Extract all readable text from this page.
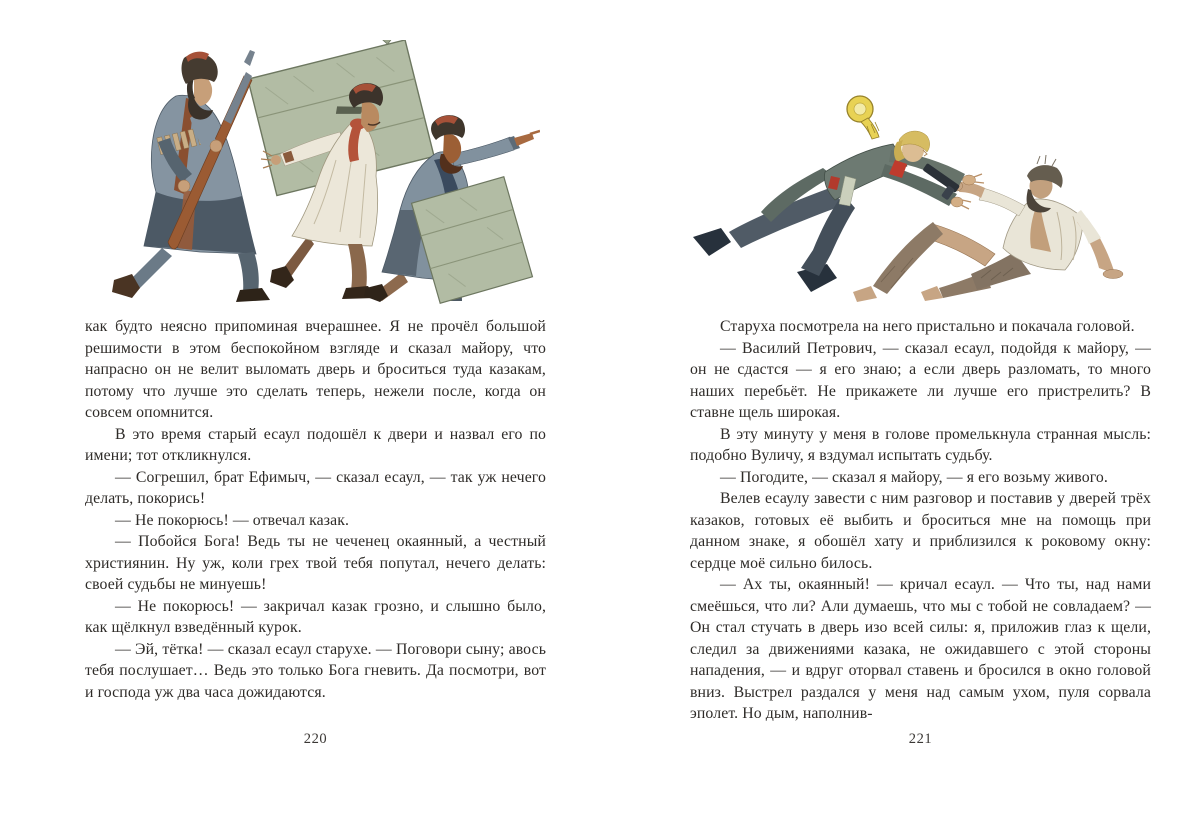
как будто неясно припоминая вчерашнее. Я не прочёл большой решимости в этом беспокойном взгляде и сказал майору, что напрасно он не велит выломать дверь и броситься туда казакам, потому что лучше это сделать теперь, нежели после, когда он совсем опомнится.

В это время старый есаул подошёл к двери и назвал его по имени; тот откликнулся.

— Согрешил, брат Ефимыч, — сказал есаул, — так уж нечего делать, покорись!

— Не покорюсь! — отвечал казак.

— Побойся Бога! Ведь ты не чеченец окаянный, а честный християнин. Ну уж, коли грех твой тебя попутал, нечего делать: своей судьбы не минуешь!

— Не покорюсь! — закричал казак грозно, и слышно было, как щёлкнул взведённый курок.

— Эй, тётка! — сказал есаул старухе. — Поговори сыну; авось тебя послушает… Ведь это только Бога гневить. Да посмотри, вот и господа уж два часа дожидаются.

Старуха посмотрела на него пристально и покачала головой.

— Василий Петрович, — сказал есаул, подойдя к майору, — он не сдастся — я его знаю; а если дверь разломать, то много наших перебьёт. Не прикажете ли лучше его пристрелить? В ставне щель широкая.

В эту минуту у меня в голове промелькнула странная мысль: подобно Вуличу, я вздумал испытать судьбу.

— Погодите, — сказал я майору, — я его возьму живого.

Велев есаулу завести с ним разговор и поставив у дверей трёх казаков, готовых её выбить и броситься мне на помощь при данном знаке, я обошёл хату и приблизился к роковому окну: сердце моё сильно билось.

— Ах ты, окаянный! — кричал есаул. — Что ты, над нами смеёшься, что ли? Али думаешь, что мы с тобой не совладаем? — Он стал стучать в дверь изо всей силы: я, приложив глаз к щели, следил за движениями казака, не ожидавшего с этой стороны нападения, — и вдруг оторвал ставень и бросился в окно головой вниз. Выстрел раздался у меня над самым ухом, пуля сорвала эполет. Но дым, наполнив-

220	221
